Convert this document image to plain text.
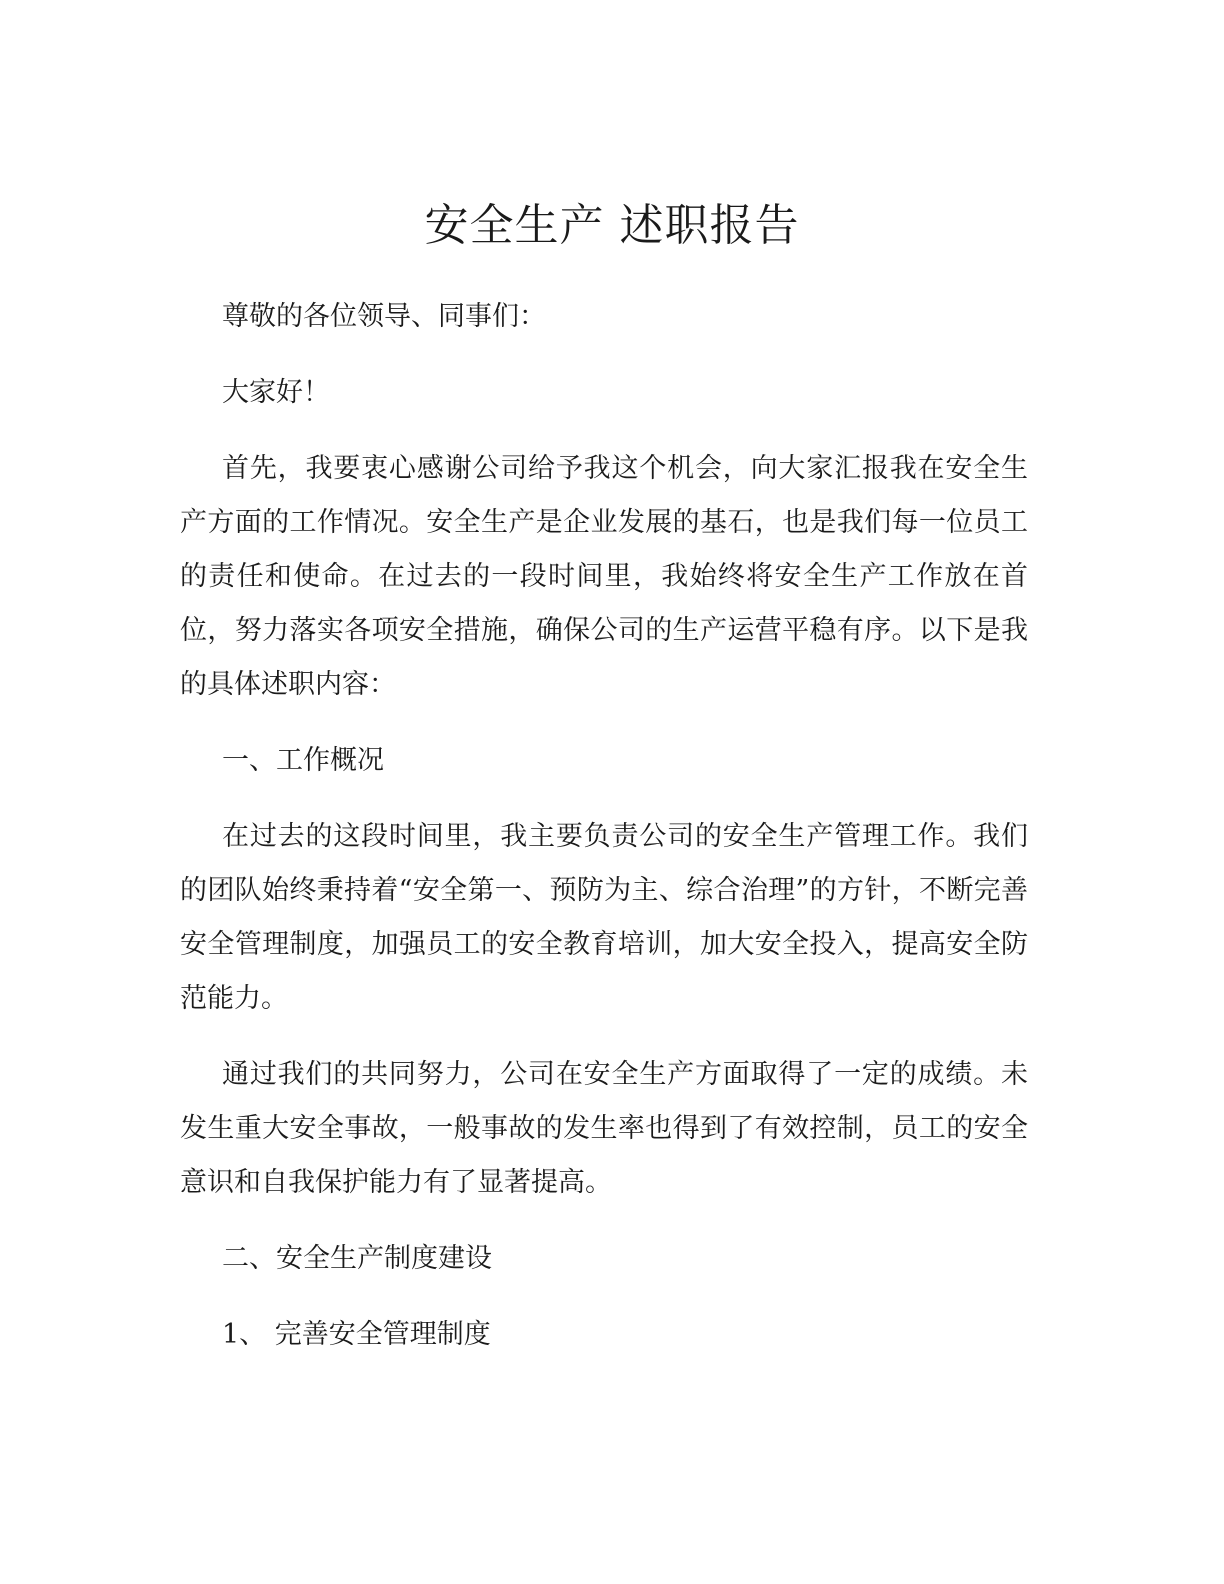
安全生产 述职报告

尊敬的各位领导、同事们：

大家好！

首先，我要衷心感谢公司给予我这个机会，向大家汇报我在安全生产方面的工作情况。安全生产是企业发展的基石，也是我们每一位员工的责任和使命。在过去的一段时间里，我始终将安全生产工作放在首位，努力落实各项安全措施，确保公司的生产运营平稳有序。以下是我的具体述职内容：

一、工作概况

在过去的这段时间里，我主要负责公司的安全生产管理工作。我们的团队始终秉持着“安全第一、预防为主、综合治理”的方针，不断完善安全管理制度，加强员工的安全教育培训，加大安全投入，提高安全防范能力。

通过我们的共同努力，公司在安全生产方面取得了一定的成绩。未发生重大安全事故，一般事故的发生率也得到了有效控制，员工的安全意识和自我保护能力有了显著提高。

二、安全生产制度建设

1、 完善安全管理制度
